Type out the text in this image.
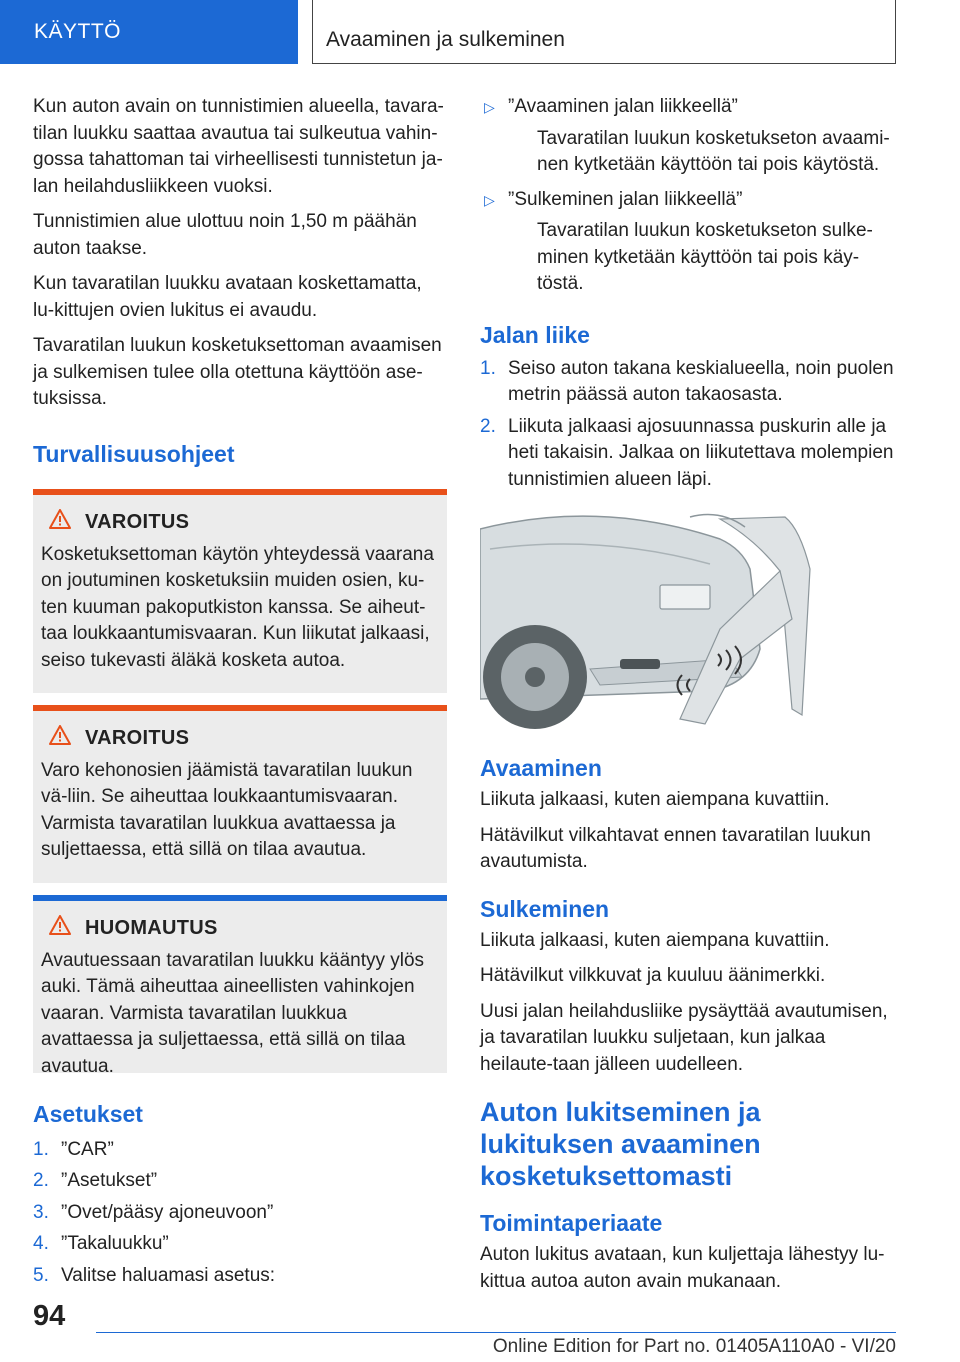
KÄYTTÖ	Avaaminen ja sulkeminen

Kun auton avain on tunnistimien alueella, tavara-tilan luukku saattaa avautua tai sulkeutua vahin-gossa tahattoman tai virheellisesti tunnistetun ja-lan heilahdusliikkeen vuoksi.

Tunnistimien alue ulottuu noin 1,50 m päähän auton taakse.

Kun tavaratilan luukku avataan koskettamatta, lu-kittujen ovien lukitus ei avaudu.

Tavaratilan luukun kosketuksettoman avaamisen ja sulkemisen tulee olla otettuna käyttöön ase-tuksissa.

Turvallisuusohjeet
VAROITUS

Kosketuksettoman käytön yhteydessä vaarana on joutuminen kosketuksiin muiden osien, ku-ten kuuman pakoputkiston kanssa. Se aiheut-taa loukkaantumisvaaran. Kun liikutat jalkaasi, seiso tukevasti äläkä kosketa autoa.

VAROITUS

Varo kehonosien jäämistä tavaratilan luukun vä-liin. Se aiheuttaa loukkaantumisvaaran. Varmista tavaratilan luukkua avattaessa ja suljettaessa, että sillä on tilaa avautua.

HUOMAUTUS

Avautuessaan tavaratilan luukku kääntyy ylös auki. Tämä aiheuttaa aineellisten vahinkojen vaaran. Varmista tavaratilan luukkua avattaessa ja suljettaessa, että sillä on tilaa avautua.

Asetukset
1. ”CAR”
2. ”Asetukset”
3. ”Ovet/pääsy ajoneuvoon”
4. ”Takaluukku”
5. Valitse haluamasi asetus:
▷ ”Avaaminen jalan liikkeellä”

Tavaratilan luukun kosketukseton avaami-nen kytketään käyttöön tai pois käytöstä.

▷ ”Sulkeminen jalan liikkeellä”

Tavaratilan luukun kosketukseton sulke-minen kytketään käyttöön tai pois käy-töstä.

Jalan liike
1. Seiso auton takana keskialueella, noin puolen metrin päässä auton takaosasta.
2. Liikuta jalkaasi ajosuunnassa puskurin alle ja heti takaisin. Jalkaa on liikutettava molempien tunnistimien alueen läpi.
Avaaminen

Liikuta jalkaasi, kuten aiempana kuvattiin.

Hätävilkut vilkahtavat ennen tavaratilan luukun avautumista.

Sulkeminen

Liikuta jalkaasi, kuten aiempana kuvattiin.

Hätävilkut vilkkuvat ja kuuluu äänimerkki.

Uusi jalan heilahdusliike pysäyttää avautumisen, ja tavaratilan luukku suljetaan, kun jalkaa heilaute-taan jälleen uudelleen.

Auton lukitseminen ja lukituksen avaaminen kosketuksettomasti
Toimintaperiaate

Auton lukitus avataan, kun kuljettaja lähestyy lu-kittua autoa auton avain mukanaan.

94
Online Edition for Part no. 01405A110A0 - VI/20
